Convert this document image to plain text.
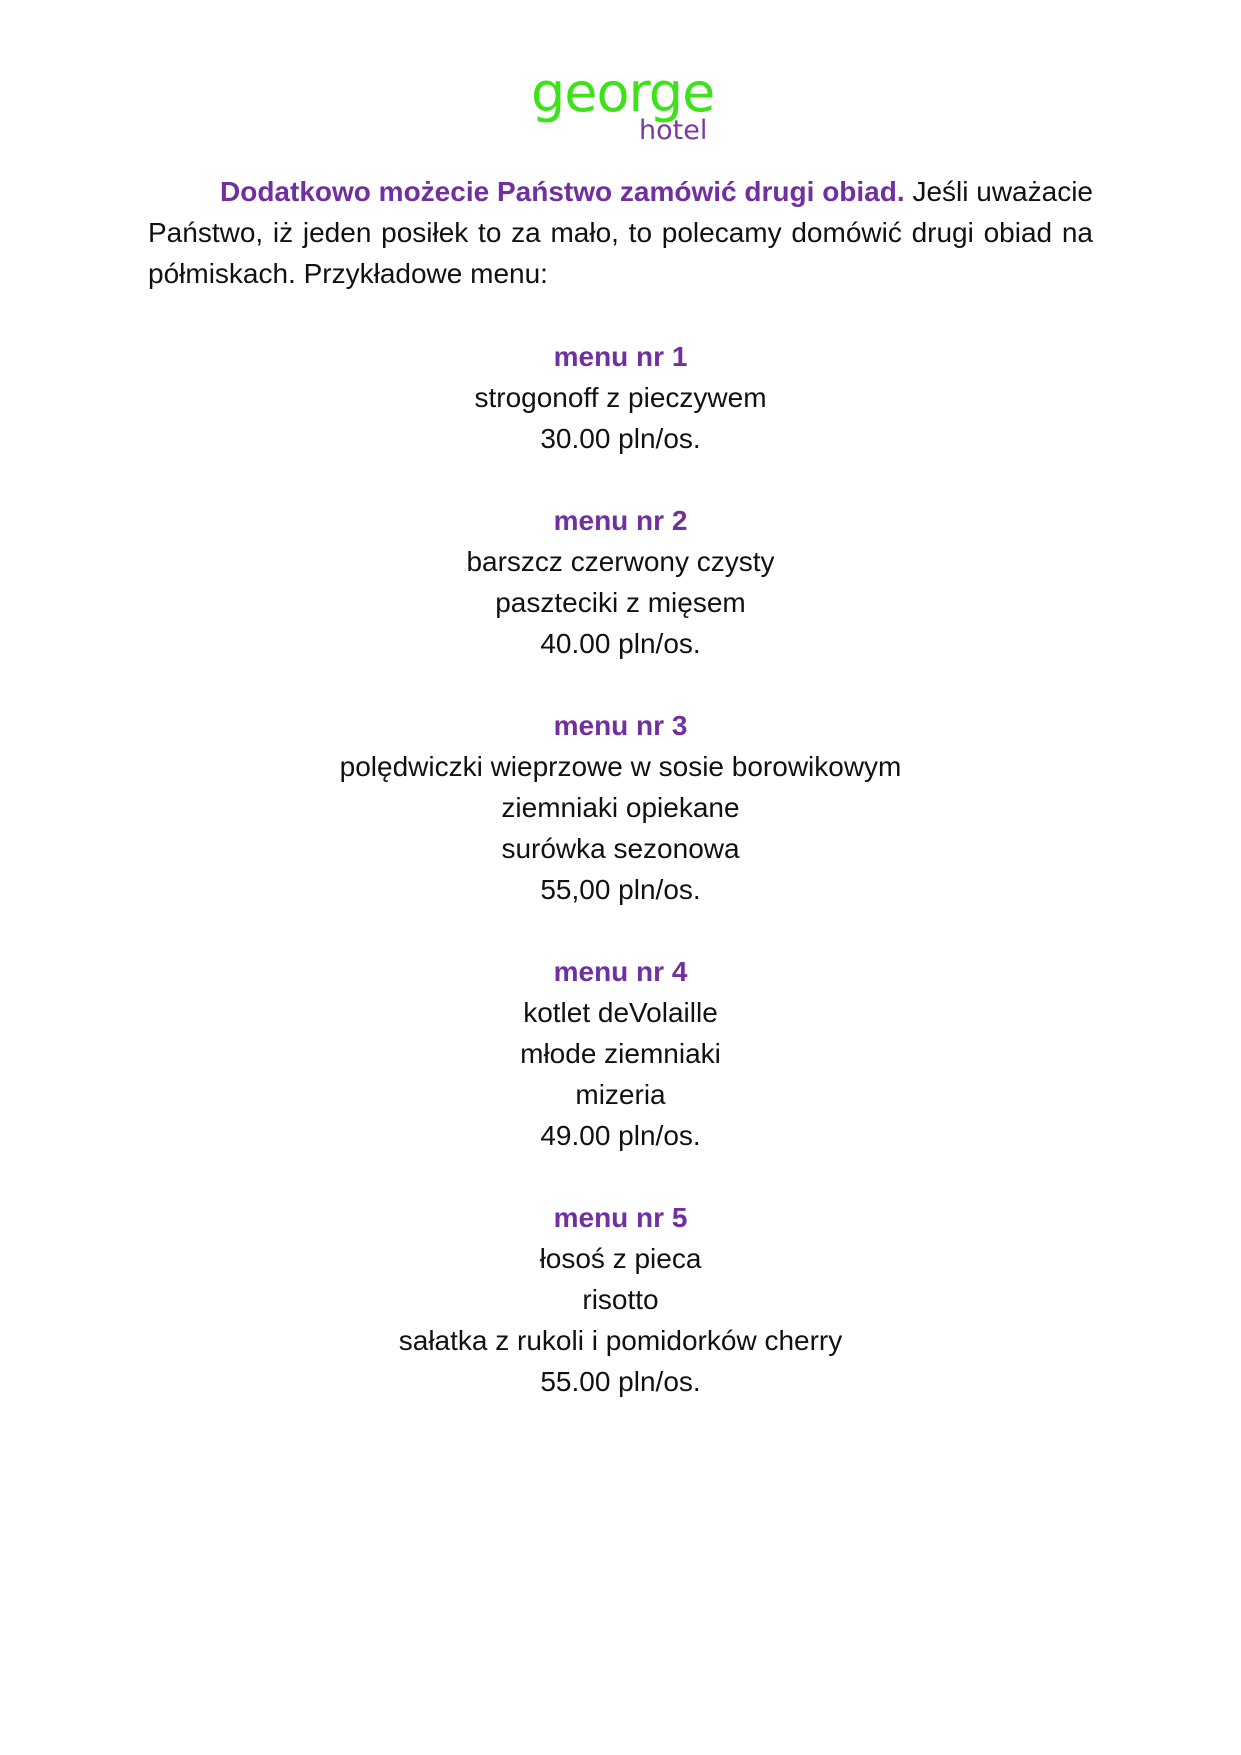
george
hotel

Dodatkowo możecie Państwo zamówić drugi obiad. Jeśli uważacie Państwo, iż jeden posiłek to za mało, to polecamy domówić drugi obiad na półmiskach. Przykładowe menu:

menu nr 1
strogonoff z pieczywem
30.00 pln/os.
menu nr 2
barszcz czerwony czysty
paszteciki z mięsem
40.00 pln/os.
menu nr 3
polędwiczki wieprzowe w sosie borowikowym
ziemniaki opiekane
surówka sezonowa
55,00 pln/os.
menu nr 4
kotlet deVolaille
młode ziemniaki
mizeria
49.00 pln/os.
menu nr 5
łosoś z pieca
risotto
sałatka z rukoli i pomidorków cherry
55.00 pln/os.
